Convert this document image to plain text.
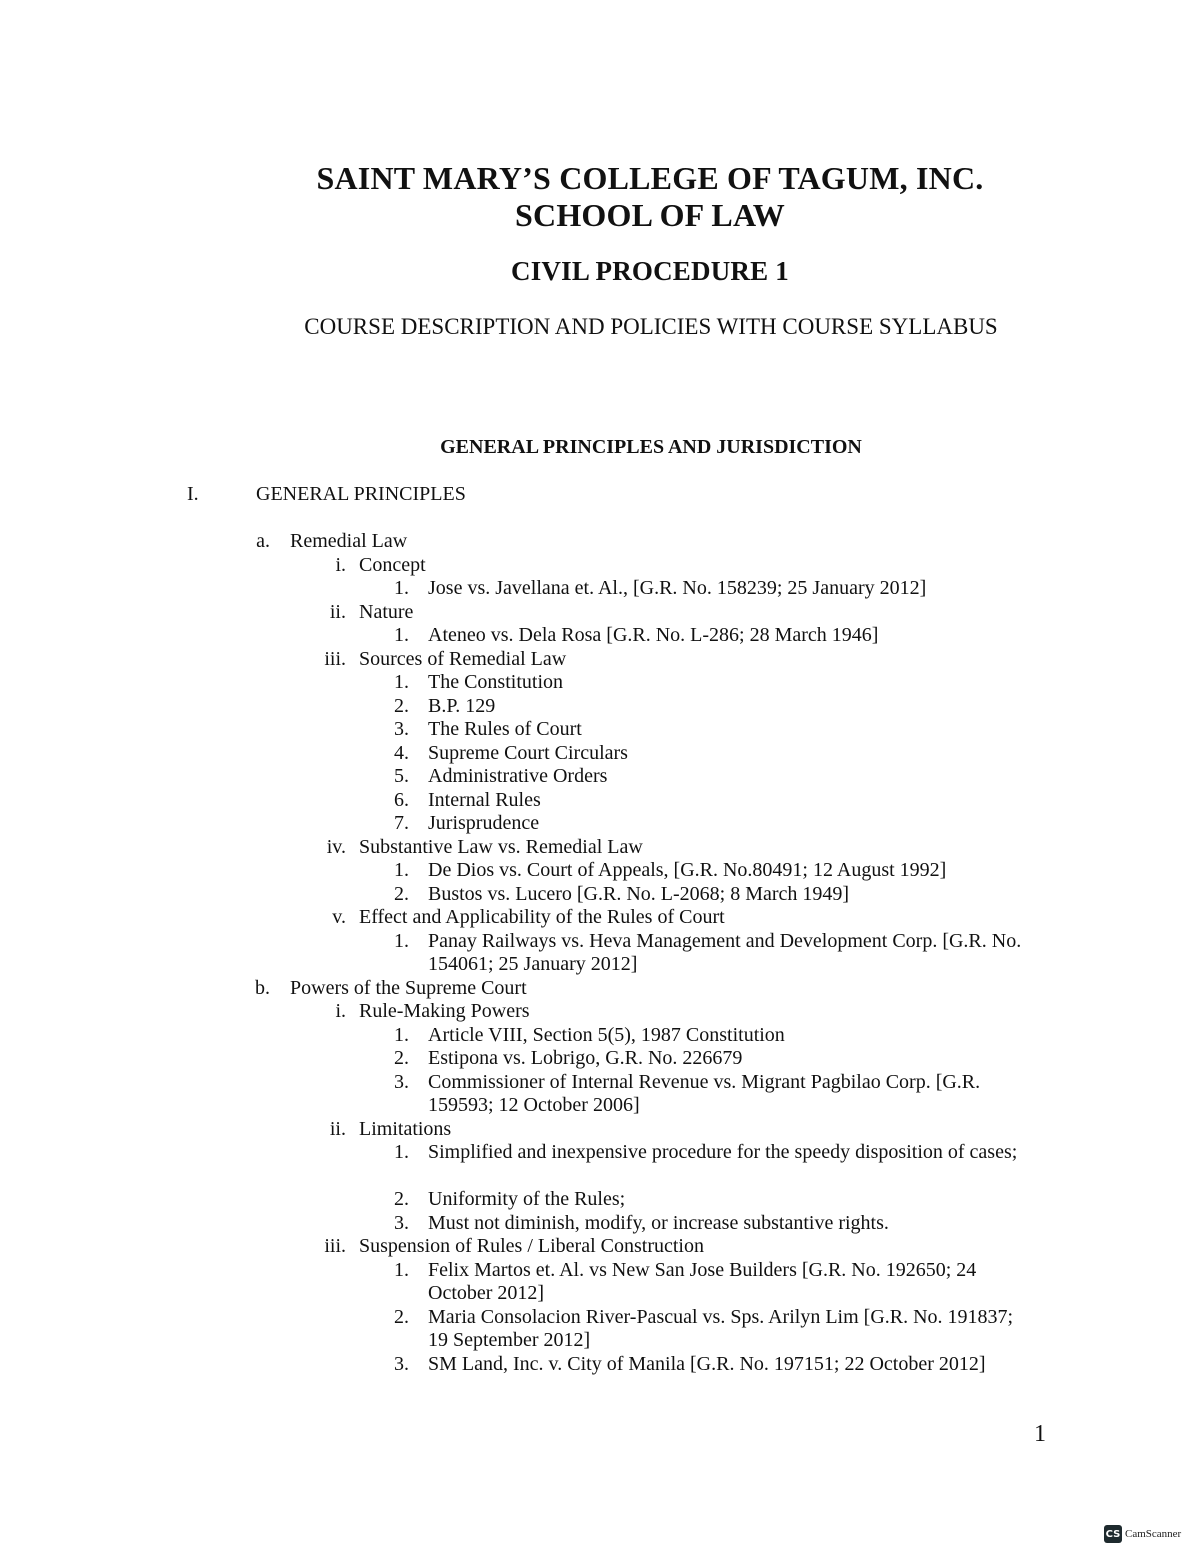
SAINT MARY’S COLLEGE OF TAGUM, INC.
SCHOOL OF LAW
CIVIL PROCEDURE 1

COURSE DESCRIPTION AND POLICIES WITH COURSE SYLLABUS

GENERAL PRINCIPLES AND JURISDICTION

I.	GENERAL PRINCIPLES
a. Remedial Law
i. Concept
1. Jose vs. Javellana et. Al., [G.R. No. 158239; 25 January 2012]
ii. Nature
1. Ateneo vs. Dela Rosa [G.R. No. L-286; 28 March 1946]
iii. Sources of Remedial Law
1. The Constitution
2. B.P. 129
3. The Rules of Court
4. Supreme Court Circulars
5. Administrative Orders
6. Internal Rules
7. Jurisprudence
iv. Substantive Law vs. Remedial Law
1. De Dios vs. Court of Appeals, [G.R. No.80491; 12 August 1992]
2. Bustos vs. Lucero [G.R. No. L-2068; 8 March 1949]
v. Effect and Applicability of the Rules of Court
1. Panay Railways vs. Heva Management and Development Corp. [G.R. No. 154061; 25 January 2012]
b. Powers of the Supreme Court
i. Rule-Making Powers
1. Article VIII, Section 5(5), 1987 Constitution
2. Estipona vs. Lobrigo, G.R. No. 226679
3. Commissioner of Internal Revenue vs. Migrant Pagbilao Corp. [G.R. 159593; 12 October 2006]
ii. Limitations
1. Simplified and inexpensive procedure for the speedy disposition of cases;
2. Uniformity of the Rules;
3. Must not diminish, modify, or increase substantive rights.
iii. Suspension of Rules / Liberal Construction
1. Felix Martos et. Al. vs New San Jose Builders [G.R. No. 192650; 24 October 2012]
2. Maria Consolacion River-Pascual vs. Sps. Arilyn Lim [G.R. No. 191837; 19 September 2012]
3. SM Land, Inc. v. City of Manila [G.R. No. 197151; 22 October 2012]
1
CS CamScanner
